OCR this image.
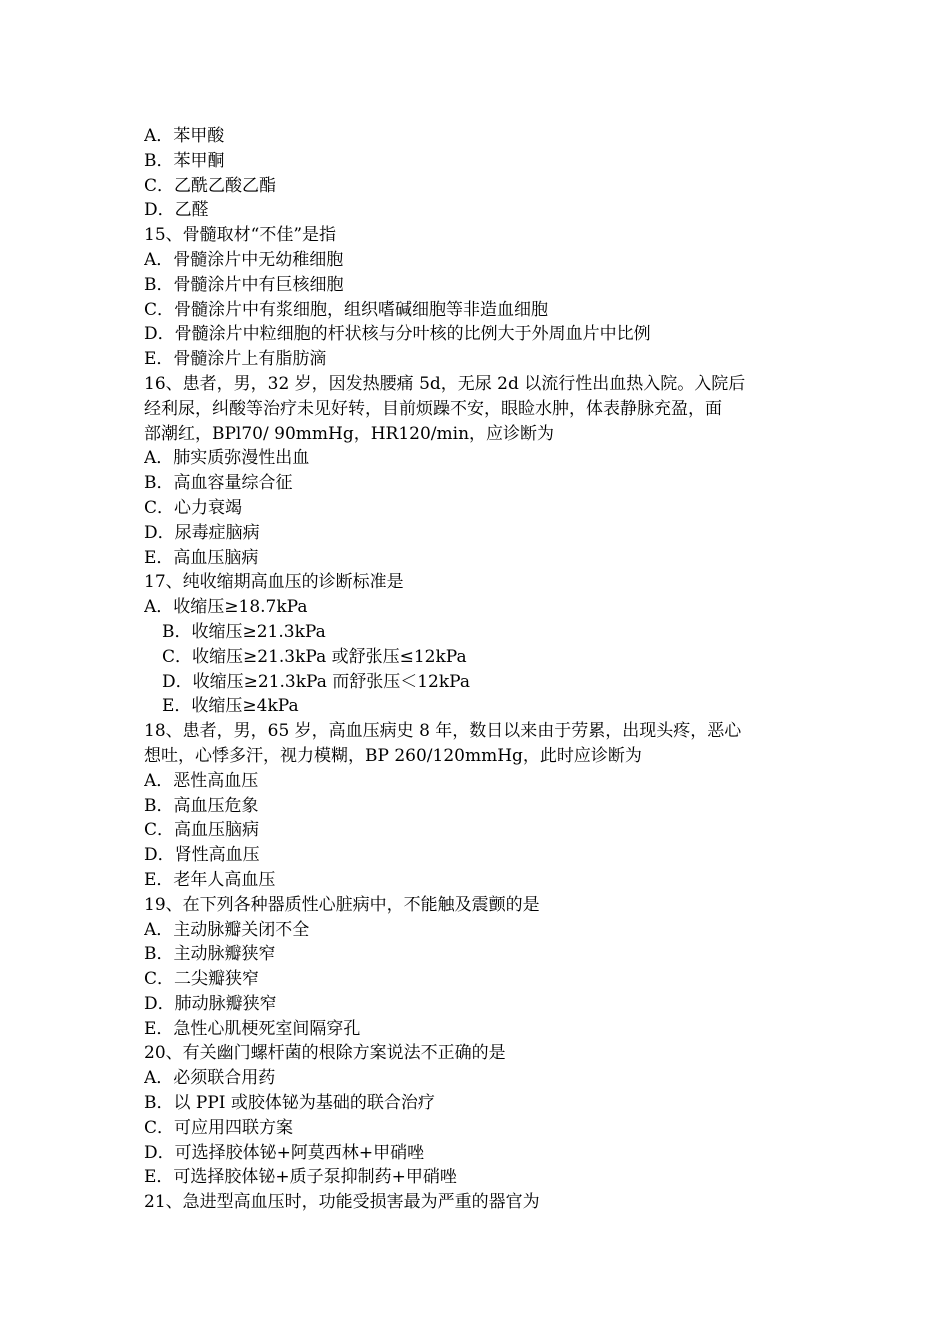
A．苯甲酸
B．苯甲酮
C．乙酰乙酸乙酯
D．乙醛
15、骨髓取材“不佳”是指
A．骨髓涂片中无幼稚细胞
B．骨髓涂片中有巨核细胞
C．骨髓涂片中有浆细胞，组织嗜碱细胞等非造血细胞
D．骨髓涂片中粒细胞的杆状核与分叶核的比例大于外周血片中比例
E．骨髓涂片上有脂肪滴
16、患者，男，32 岁，因发热腰痛 5d，无尿 2d 以流行性出血热入院。入院后
经利尿，纠酸等治疗未见好转，目前烦躁不安，眼睑水肿，体表静脉充盈，面
部潮红，BPl70/ 90mmHg，HR120/min，应诊断为
A．肺实质弥漫性出血
B．高血容量综合征
C．心力衰竭
D．尿毒症脑病
E．高血压脑病
17、纯收缩期高血压的诊断标准是
A．收缩压≥18.7kPa
B．收缩压≥21.3kPa
C．收缩压≥21.3kPa 或舒张压≤12kPa
D．收缩压≥21.3kPa 而舒张压＜12kPa
E．收缩压≥4kPa
18、患者，男，65 岁，高血压病史 8 年，数日以来由于劳累，出现头疼，恶心
想吐，心悸多汗，视力模糊，BP 260/120mmHg，此时应诊断为
A．恶性高血压
B．高血压危象
C．高血压脑病
D．肾性高血压
E．老年人高血压
19、在下列各种器质性心脏病中，不能触及震颤的是
A．主动脉瓣关闭不全
B．主动脉瓣狭窄
C．二尖瓣狭窄
D．肺动脉瓣狭窄
E．急性心肌梗死室间隔穿孔
20、有关幽门螺杆菌的根除方案说法不正确的是
A．必须联合用药
B．以 PPI 或胶体铋为基础的联合治疗
C．可应用四联方案
D．可选择胶体铋+阿莫西林+甲硝唑
E．可选择胶体铋+质子泵抑制药+甲硝唑
21、急进型高血压时，功能受损害最为严重的器官为
